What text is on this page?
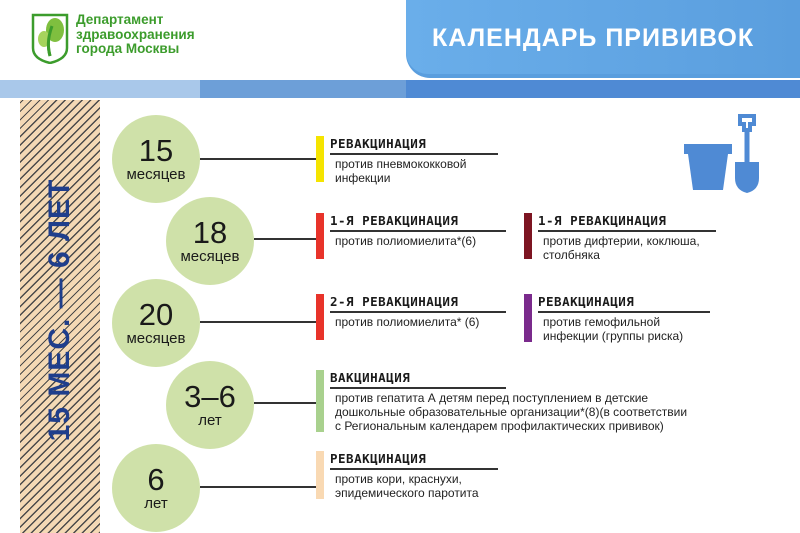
Департамент
здравоохранения
города Москвы	КАЛЕНДАРЬ ПРИВИВОК
15 МЕС. — 6 ЛЕТ
15
месяцев
18
месяцев
20
месяцев
3–6
лет
6
лет
РЕВАКЦИНАЦИЯ
против пневмококковой
инфекции
1-Я РЕВАКЦИНАЦИЯ
против полиомиелита*(6)
1-Я РЕВАКЦИНАЦИЯ
против дифтерии, коклюша,
столбняка
2-Я РЕВАКЦИНАЦИЯ
против полиомиелита* (6)
РЕВАКЦИНАЦИЯ
против гемофильной
инфекции (группы риска)
ВАКЦИНАЦИЯ
против гепатита А детям перед поступлением в детские
дошкольные образовательные организации*(8)(в соответствии
с Региональным календарем профилактических прививок)
РЕВАКЦИНАЦИЯ
против кори, краснухи,
эпидемического паротита
